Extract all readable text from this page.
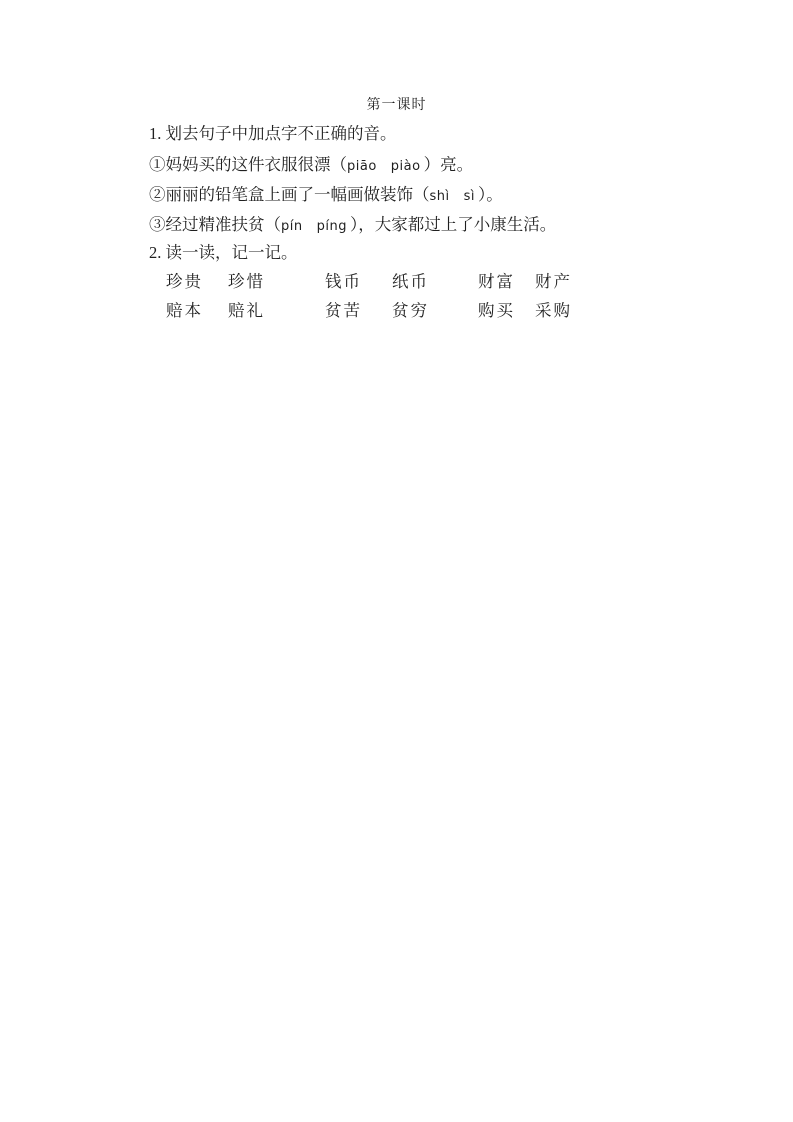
第一课时
1. 划去句子中加点字不正确的音。
①妈妈买的这件衣服很漂（piāo piào ）亮。
②丽丽的铅笔盒上画了一幅画做装饰（shì sì ）。
③经过精准扶贫（pín píng ），大家都过上了小康生活。
2. 读一读，记一记。
珍贵 珍惜	钱币 纸币	财富 财产
赔本 赔礼	贫苦 贫穷	购买 采购
